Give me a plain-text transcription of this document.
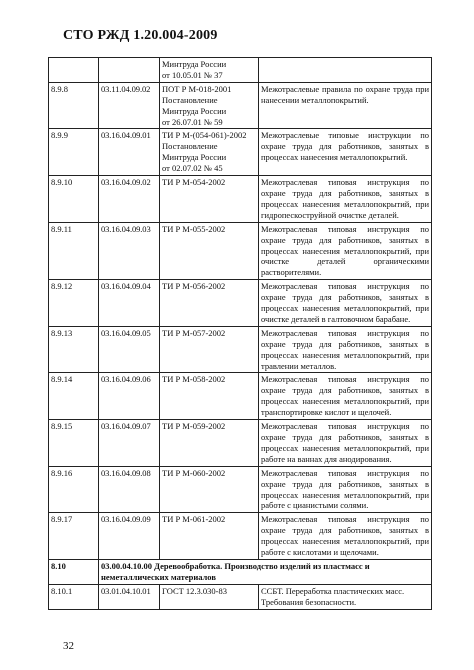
СТО РЖД 1.20.004-2009
		Минтруда России
от 10.05.01 № 37	
8.9.8	03.11.04.09.02	ПОТ Р М-018-2001
Постановление
Минтруда России
от 26.07.01 № 59	Межотраслевые правила по охране труда при нанесении металлопокрытий.
8.9.9	03.16.04.09.01	ТИ Р М-(054-061)-2002
Постановление
Минтруда России
от 02.07.02 № 45	Межотраслевые типовые инструкции по охране труда для работников, занятых в процессах нанесения металлопокрытий.
8.9.10	03.16.04.09.02	ТИ Р М-054-2002	Межотраслевая типовая инструкция по охране труда для работников, занятых в процессах нанесения металлопокрытий, при гидропескоструйной очистке деталей.
8.9.11	03.16.04.09.03	ТИ Р М-055-2002	Межотраслевая типовая инструкция по охране труда для работников, занятых в процессах нанесения металлопокрытий, при очистке деталей органическими растворителями.
8.9.12	03.16.04.09.04	ТИ Р М-056-2002	Межотраслевая типовая инструкция по охране труда для работников, занятых в процессах нанесения металлопокрытий, при очистке деталей в галтовочном барабане.
8.9.13	03.16.04.09.05	ТИ Р М-057-2002	Межотраслевая типовая инструкция по охране труда для работников, занятых в процессах нанесения металлопокрытий, при травлении металлов.
8.9.14	03.16.04.09.06	ТИ Р М-058-2002	Межотраслевая типовая инструкция по охране труда для работников, занятых в процессах нанесения металлопокрытий, при транспортировке кислот и щелочей.
8.9.15	03.16.04.09.07	ТИ Р М-059-2002	Межотраслевая типовая инструкция по охране труда для работников, занятых в процессах нанесения металлопокрытий, при работе на ваннах для анодирования.
8.9.16	03.16.04.09.08	ТИ Р М-060-2002	Межотраслевая типовая инструкция по охране труда для работников, занятых в процессах нанесения металлопокрытий, при работе с цианистыми солями.
8.9.17	03.16.04.09.09	ТИ Р М-061-2002	Межотраслевая типовая инструкция по охране труда для работников, занятых в процессах нанесения металлопокрытий, при работе с кислотами и щелочами.
8.10	03.00.04.10.00 Деревообработка. Производство изделий из пластмасс и неметаллических материалов		
8.10.1	03.01.04.10.01	ГОСТ 12.3.030-83	ССБТ. Переработка пластических масс. Требования безопасности.
32
